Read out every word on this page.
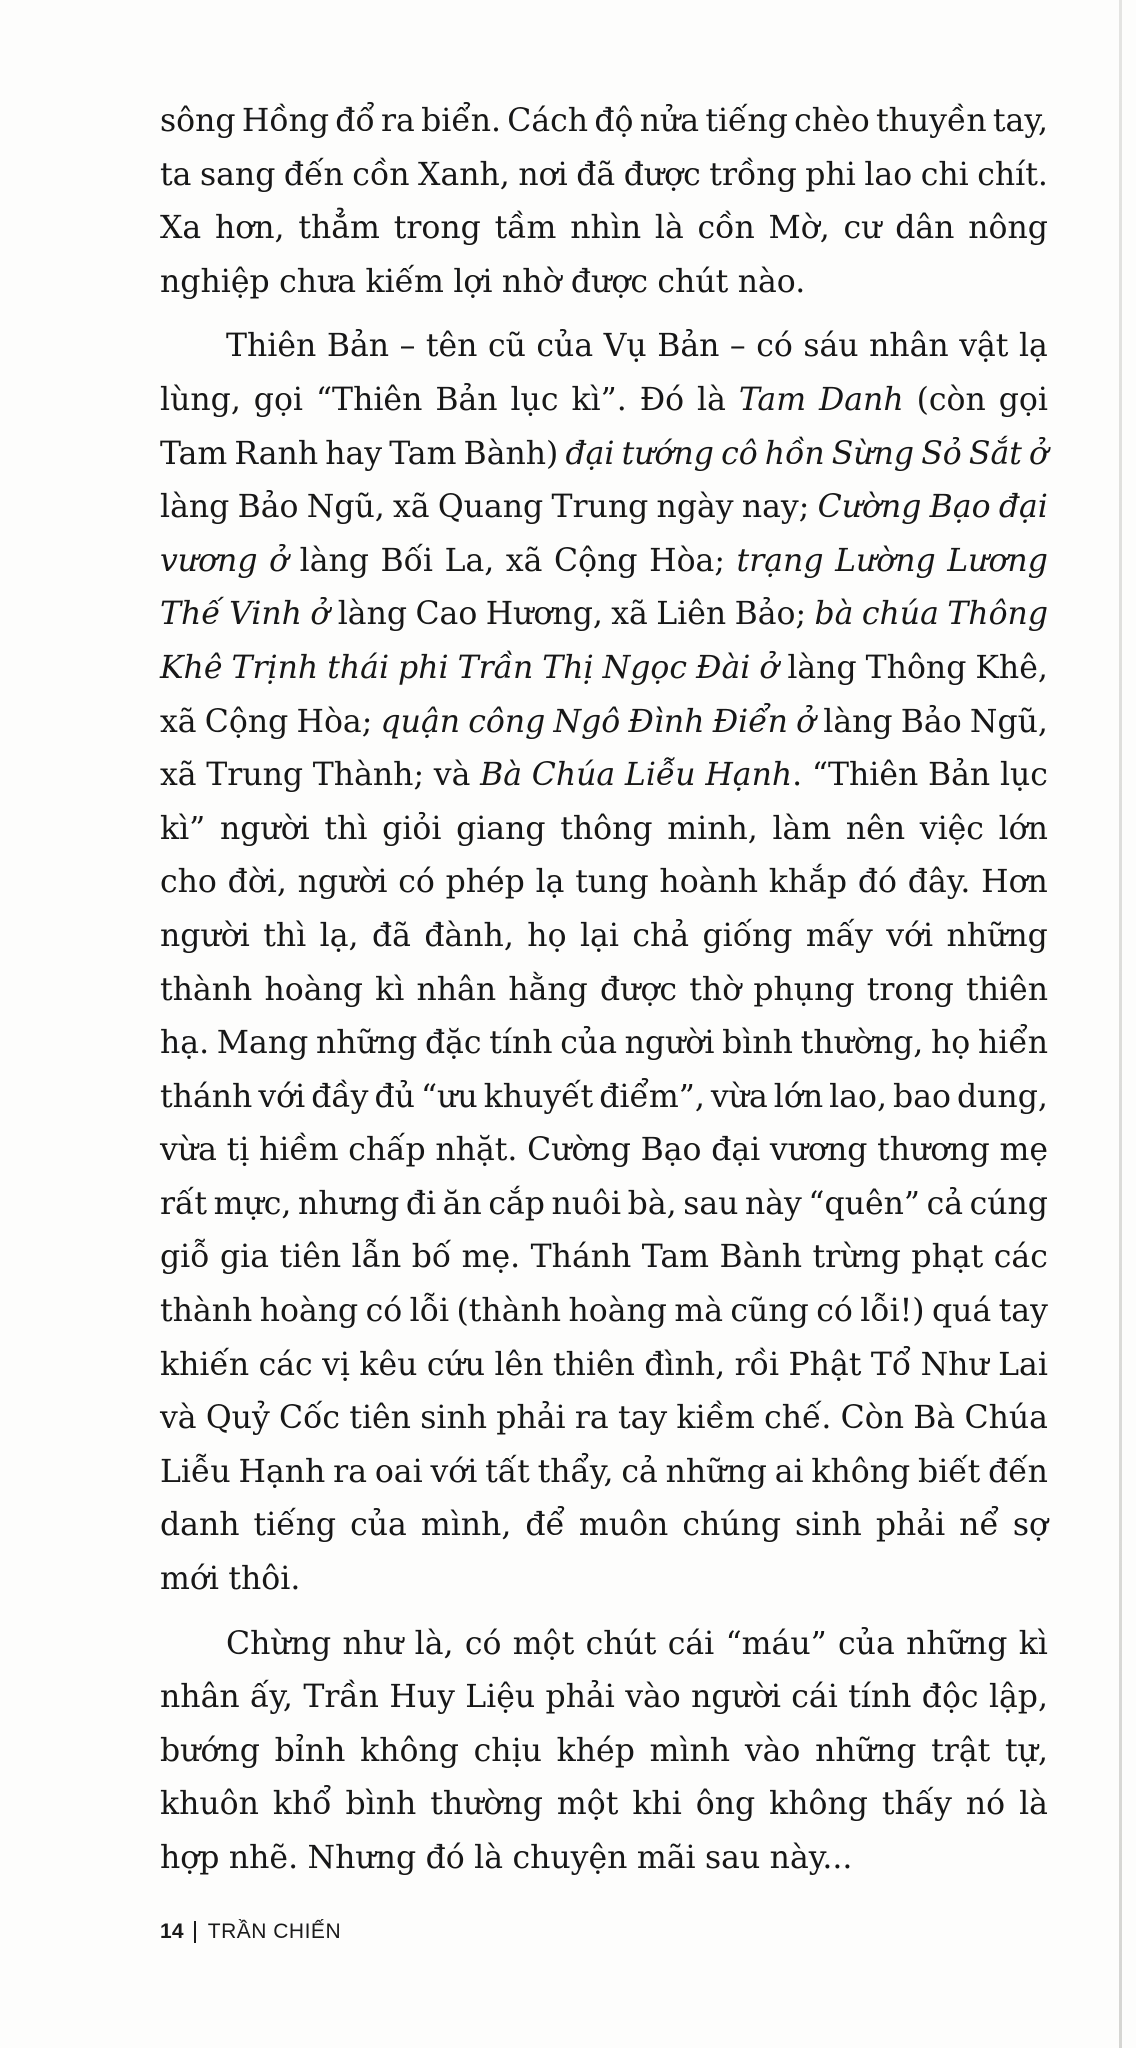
sông Hồng đổ ra biển. Cách độ nửa tiếng chèo thuyền tay,
ta sang đến cồn Xanh, nơi đã được trồng phi lao chi chít.
Xa hơn, thẳm trong tầm nhìn là cồn Mờ, cư dân nông
nghiệp chưa kiếm lợi nhờ được chút nào.
Thiên Bản – tên cũ của Vụ Bản – có sáu nhân vật lạ
lùng, gọi “Thiên Bản lục kì”. Đó là Tam Danh (còn gọi
Tam Ranh hay Tam Bành) đại tướng cô hồn Sừng Sỏ Sắt ở
làng Bảo Ngũ, xã Quang Trung ngày nay; Cường Bạo đại
vương ở làng Bối La, xã Cộng Hòa; trạng Lường Lương
Thế Vinh ở làng Cao Hương, xã Liên Bảo; bà chúa Thông
Khê Trịnh thái phi Trần Thị Ngọc Đài ở làng Thông Khê,
xã Cộng Hòa; quận công Ngô Đình Điển ở làng Bảo Ngũ,
xã Trung Thành; và Bà Chúa Liễu Hạnh. “Thiên Bản lục
kì” người thì giỏi giang thông minh, làm nên việc lớn
cho đời, người có phép lạ tung hoành khắp đó đây. Hơn
người thì lạ, đã đành, họ lại chả giống mấy với những
thành hoàng kì nhân hằng được thờ phụng trong thiên
hạ. Mang những đặc tính của người bình thường, họ hiển
thánh với đầy đủ “ưu khuyết điểm”, vừa lớn lao, bao dung,
vừa tị hiềm chấp nhặt. Cường Bạo đại vương thương mẹ
rất mực, nhưng đi ăn cắp nuôi bà, sau này “quên” cả cúng
giỗ gia tiên lẫn bố mẹ. Thánh Tam Bành trừng phạt các
thành hoàng có lỗi (thành hoàng mà cũng có lỗi!) quá tay
khiến các vị kêu cứu lên thiên đình, rồi Phật Tổ Như Lai
và Quỷ Cốc tiên sinh phải ra tay kiềm chế. Còn Bà Chúa
Liễu Hạnh ra oai với tất thẩy, cả những ai không biết đến
danh tiếng của mình, để muôn chúng sinh phải nể sợ
mới thôi.
Chừng như là, có một chút cái “máu” của những kì
nhân ấy, Trần Huy Liệu phải vào người cái tính độc lập,
bướng bỉnh không chịu khép mình vào những trật tự,
khuôn khổ bình thường một khi ông không thấy nó là
hợp nhẽ. Nhưng đó là chuyện mãi sau này...
14 TRẦN CHIẾN
